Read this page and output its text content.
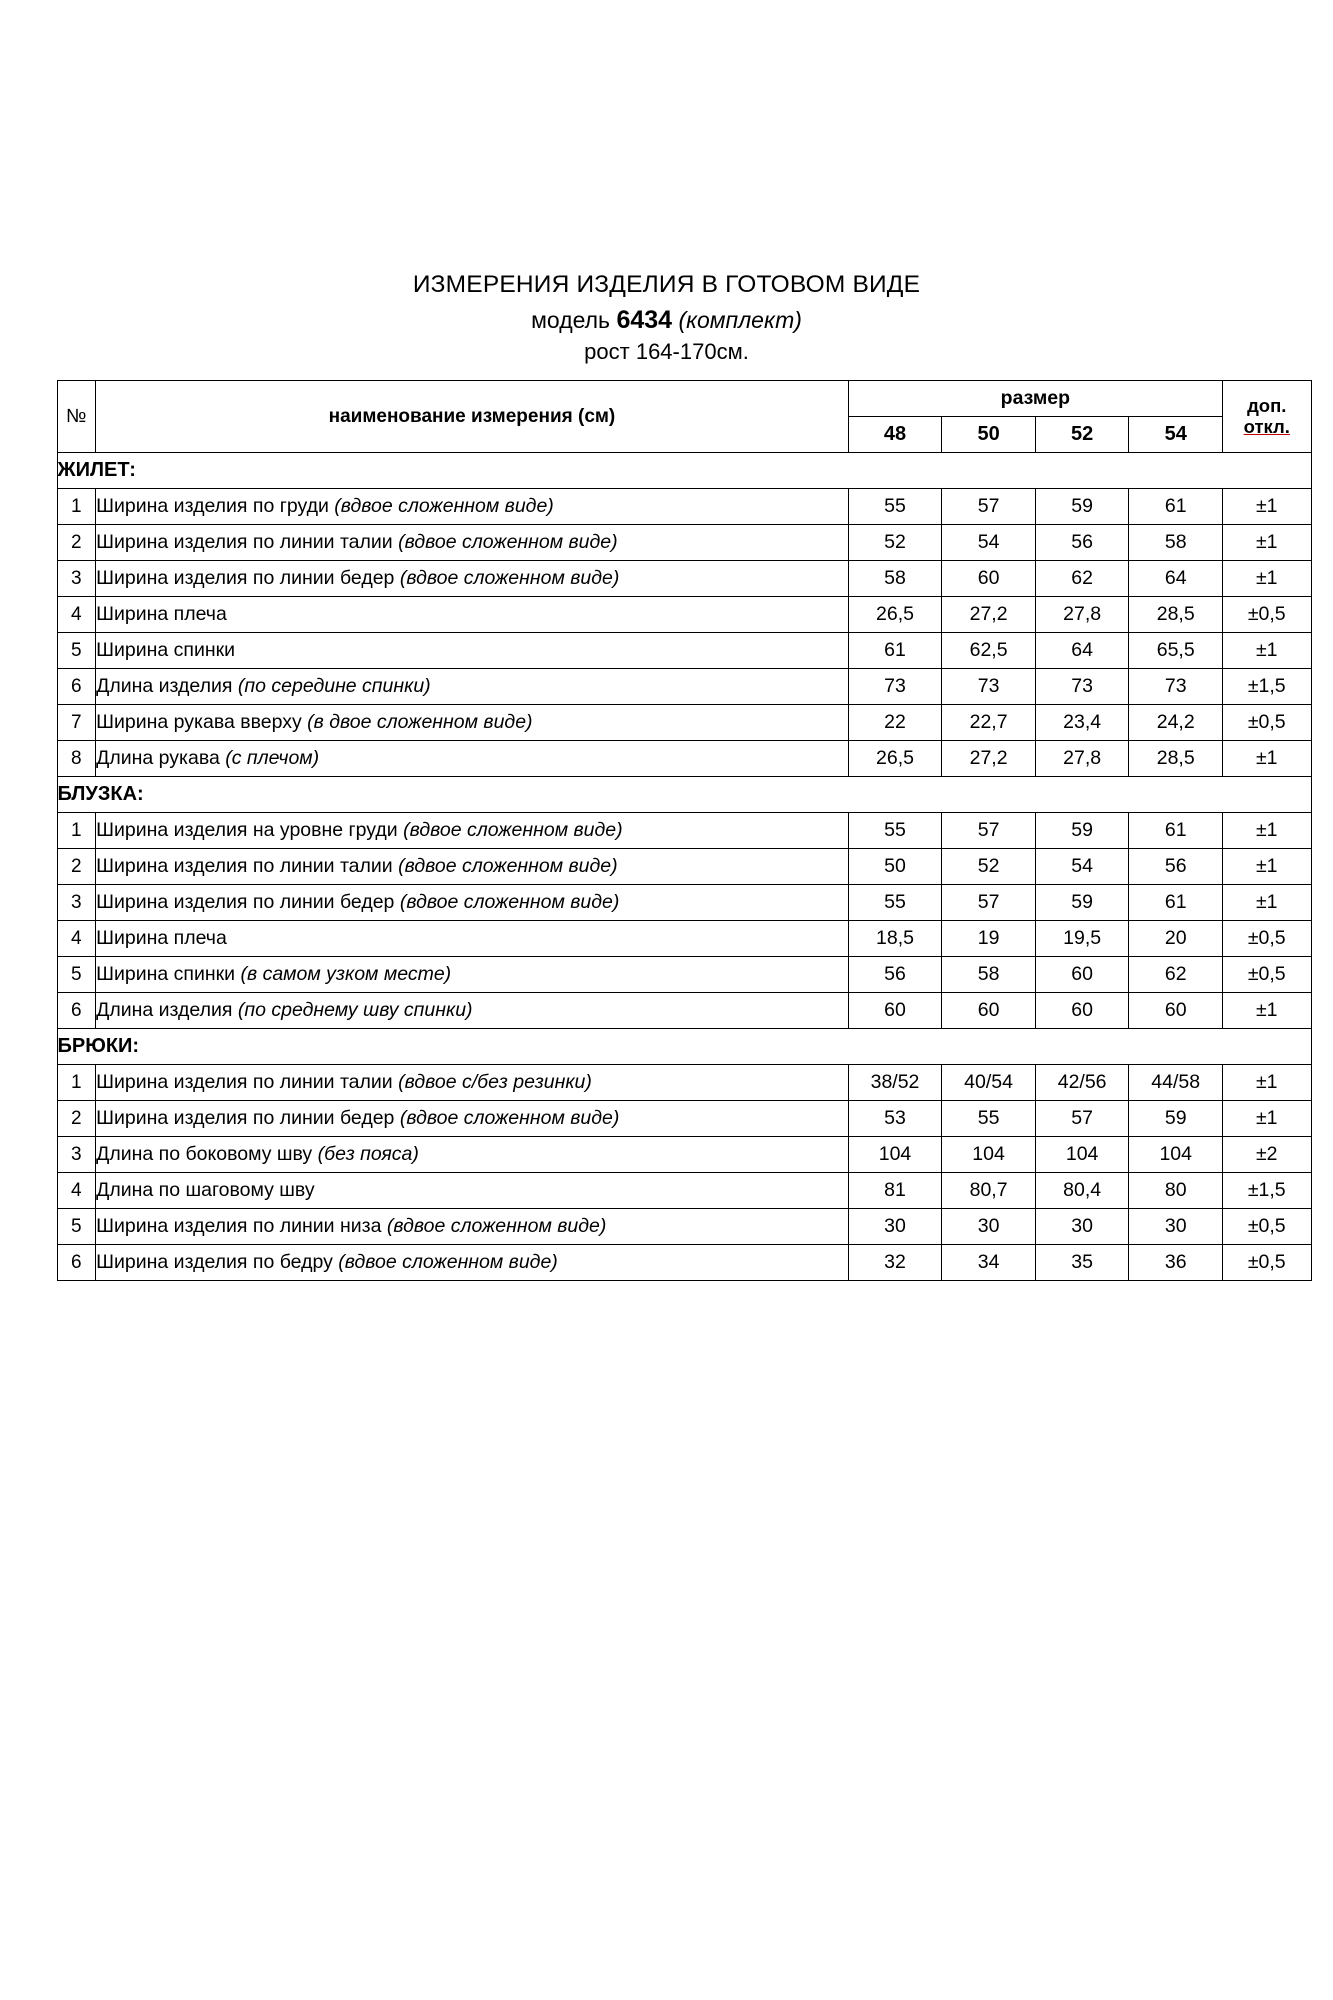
ИЗМЕРЕНИЯ ИЗДЕЛИЯ В ГОТОВОМ ВИДЕ
модель 6434 (комплект)
рост 164-170см.
№	наименование измерения (см)	размер				доп.
откл.

		48	50	52	54	
ЖИЛЕТ:						
1	Ширина изделия по груди (вдвое сложенном виде)	55	57	59	61	±1
2	Ширина изделия по линии талии (вдвое сложенном виде)	52	54	56	58	±1
3	Ширина изделия по линии бедер (вдвое сложенном виде)	58	60	62	64	±1
4	Ширина плеча	26,5	27,2	27,8	28,5	±0,5
5	Ширина спинки	61	62,5	64	65,5	±1
6	Длина изделия (по середине спинки)	73	73	73	73	±1,5
7	Ширина рукава вверху (в двое сложенном виде)	22	22,7	23,4	24,2	±0,5
8	Длина рукава (с плечом)	26,5	27,2	27,8	28,5	±1
БЛУЗКА:						
1	Ширина изделия на уровне груди (вдвое сложенном виде)	55	57	59	61	±1
2	Ширина изделия по линии талии (вдвое сложенном виде)	50	52	54	56	±1
3	Ширина изделия по линии бедер (вдвое сложенном виде)	55	57	59	61	±1
4	Ширина плеча	18,5	19	19,5	20	±0,5
5	Ширина спинки (в самом узком месте)	56	58	60	62	±0,5
6	Длина изделия (по среднему шву спинки)	60	60	60	60	±1
БРЮКИ:						
1	Ширина изделия по линии талии (вдвое с/без резинки)	38/52	40/54	42/56	44/58	±1
2	Ширина изделия по линии бедер (вдвое сложенном виде)	53	55	57	59	±1
3	Длина по боковому шву (без пояса)	104	104	104	104	±2
4	Длина по шаговому шву	81	80,7	80,4	80	±1,5
5	Ширина изделия по линии низа (вдвое сложенном виде)	30	30	30	30	±0,5
6	Ширина изделия по бедру (вдвое сложенном виде)	32	34	35	36	±0,5
